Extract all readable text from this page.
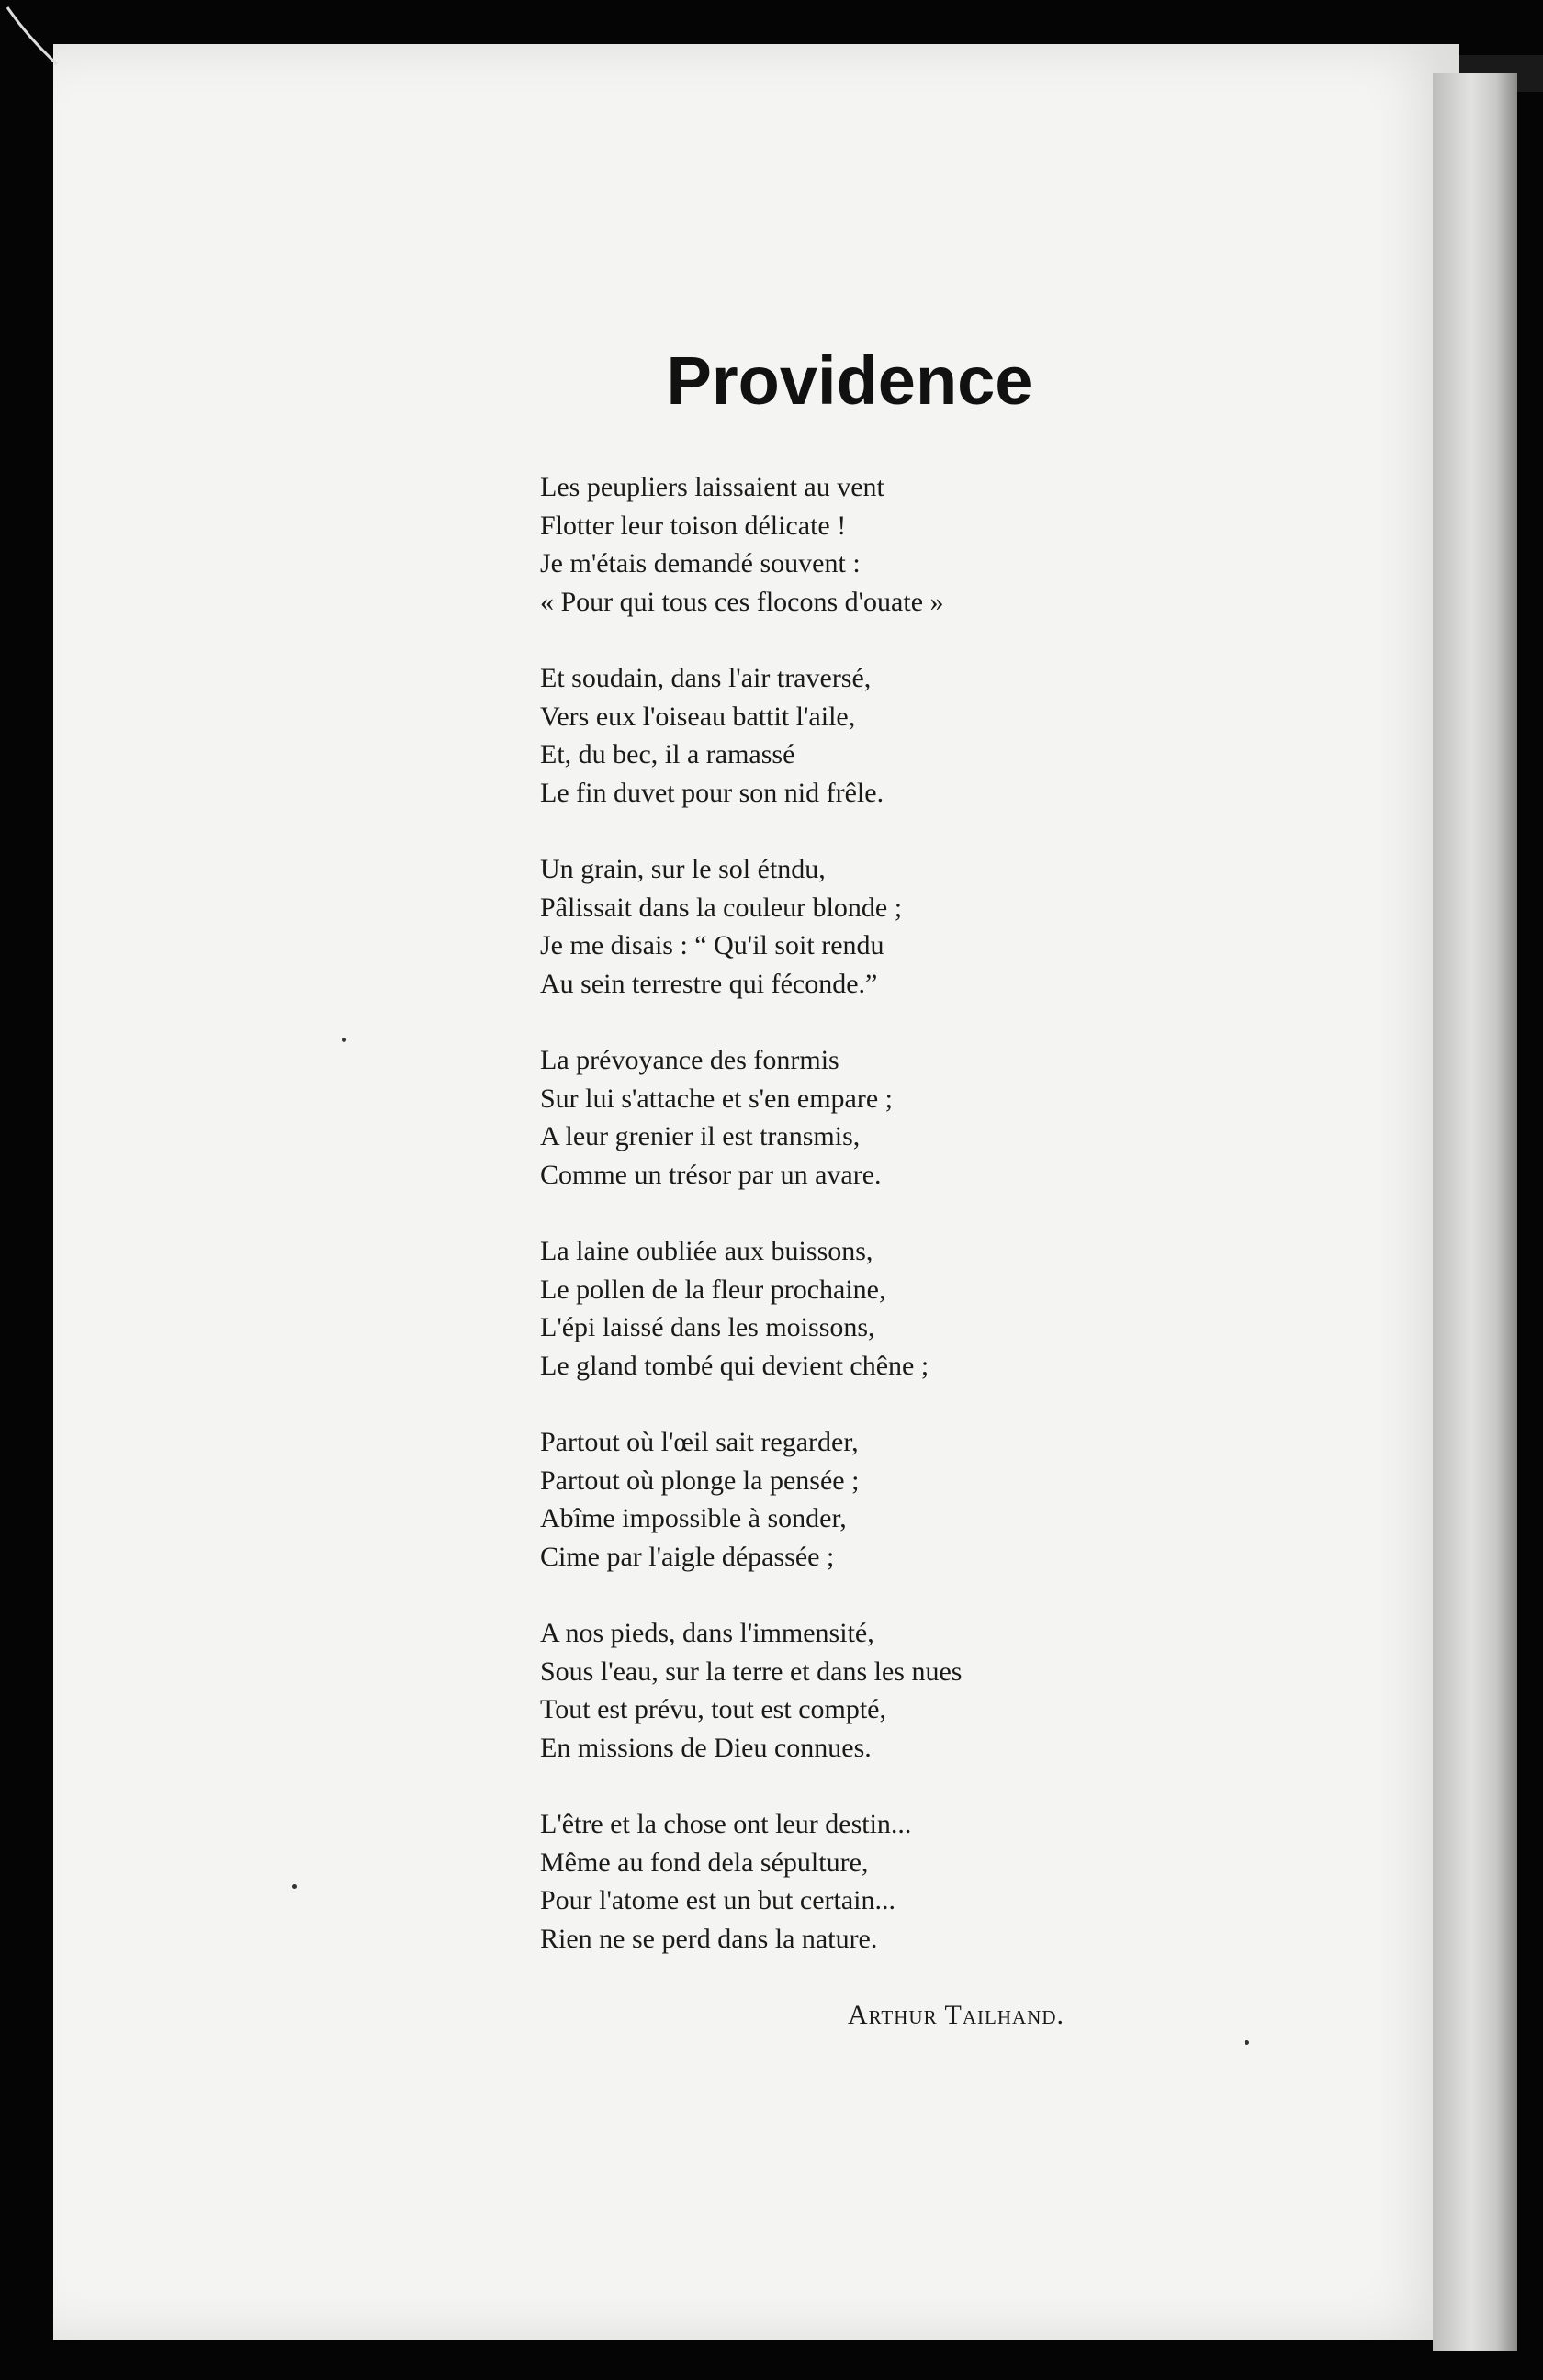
Providence
Les peupliers laissaient au vent
Flotter leur toison délicate !
Je m'étais demandé souvent :
« Pour qui tous ces flocons d'ouate »
Et soudain, dans l'air traversé,
Vers eux l'oiseau battit l'aile,
Et, du bec, il a ramassé
Le fin duvet pour son nid frêle.
Un grain, sur le sol étndu,
Pâlissait dans la couleur blonde ;
Je me disais : “ Qu'il soit rendu
Au sein terrestre qui féconde.”
La prévoyance des fonrmis
Sur lui s'attache et s'en empare ;
A leur grenier il est transmis,
Comme un trésor par un avare.
La laine oubliée aux buissons,
Le pollen de la fleur prochaine,
L'épi laissé dans les moissons,
Le gland tombé qui devient chêne ;
Partout où l'œil sait regarder,
Partout où plonge la pensée ;
Abîme impossible à sonder,
Cime par l'aigle dépassée ;
A nos pieds, dans l'immensité,
Sous l'eau, sur la terre et dans les nues
Tout est prévu, tout est compté,
En missions de Dieu connues.
L'être et la chose ont leur destin...
Même au fond dela sépulture,
Pour l'atome est un but certain...
Rien ne se perd dans la nature.
Arthur Tailhand.
